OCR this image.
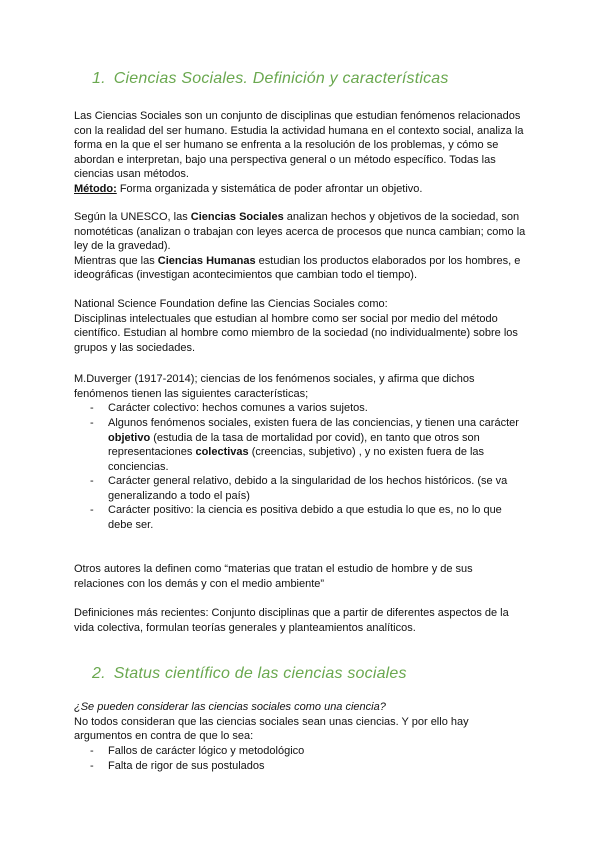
1. Ciencias Sociales. Definición y características
Las Ciencias Sociales son un conjunto de disciplinas que estudian fenómenos relacionados
con la realidad del ser humano. Estudia la actividad humana en el contexto social, analiza la
forma en la que el ser humano se enfrenta a la resolución de los problemas, y cómo se
abordan e interpretan, bajo una perspectiva general o un método específico. Todas las
ciencias usan métodos.
Método: Forma organizada y sistemática de poder afrontar un objetivo.
Según la UNESCO, las Ciencias Sociales analizan hechos y objetivos de la sociedad, son
nomotéticas (analizan o trabajan con leyes acerca de procesos que nunca cambian; como la
ley de la gravedad).
Mientras que las Ciencias Humanas estudian los productos elaborados por los hombres, e
ideográficas (investigan acontecimientos que cambian todo el tiempo).
National Science Foundation define las Ciencias Sociales como:
Disciplinas intelectuales que estudian al hombre como ser social por medio del método
científico. Estudian al hombre como miembro de la sociedad (no individualmente) sobre los
grupos y las sociedades.
M.Duverger (1917-2014); ciencias de los fenómenos sociales, y afirma que dichos
fenómenos tienen las siguientes características;
- Carácter colectivo: hechos comunes a varios sujetos.
- Algunos fenómenos sociales, existen fuera de las conciencias, y tienen una carácter
objetivo (estudia de la tasa de mortalidad por covid), en tanto que otros son
representaciones colectivas (creencias, subjetivo) , y no existen fuera de las
conciencias.
- Carácter general relativo, debido a la singularidad de los hechos históricos. (se va
generalizando a todo el país)
- Carácter positivo: la ciencia es positiva debido a que estudia lo que es, no lo que
debe ser.
Otros autores la definen como “materias que tratan el estudio de hombre y de sus
relaciones con los demás y con el medio ambiente”
Definiciones más recientes: Conjunto disciplinas que a partir de diferentes aspectos de la
vida colectiva, formulan teorías generales y planteamientos analíticos.
2. Status científico de las ciencias sociales
¿Se pueden considerar las ciencias sociales como una ciencia?
No todos consideran que las ciencias sociales sean unas ciencias. Y por ello hay
argumentos en contra de que lo sea:
- Fallos de carácter lógico y metodológico
- Falta de rigor de sus postulados
